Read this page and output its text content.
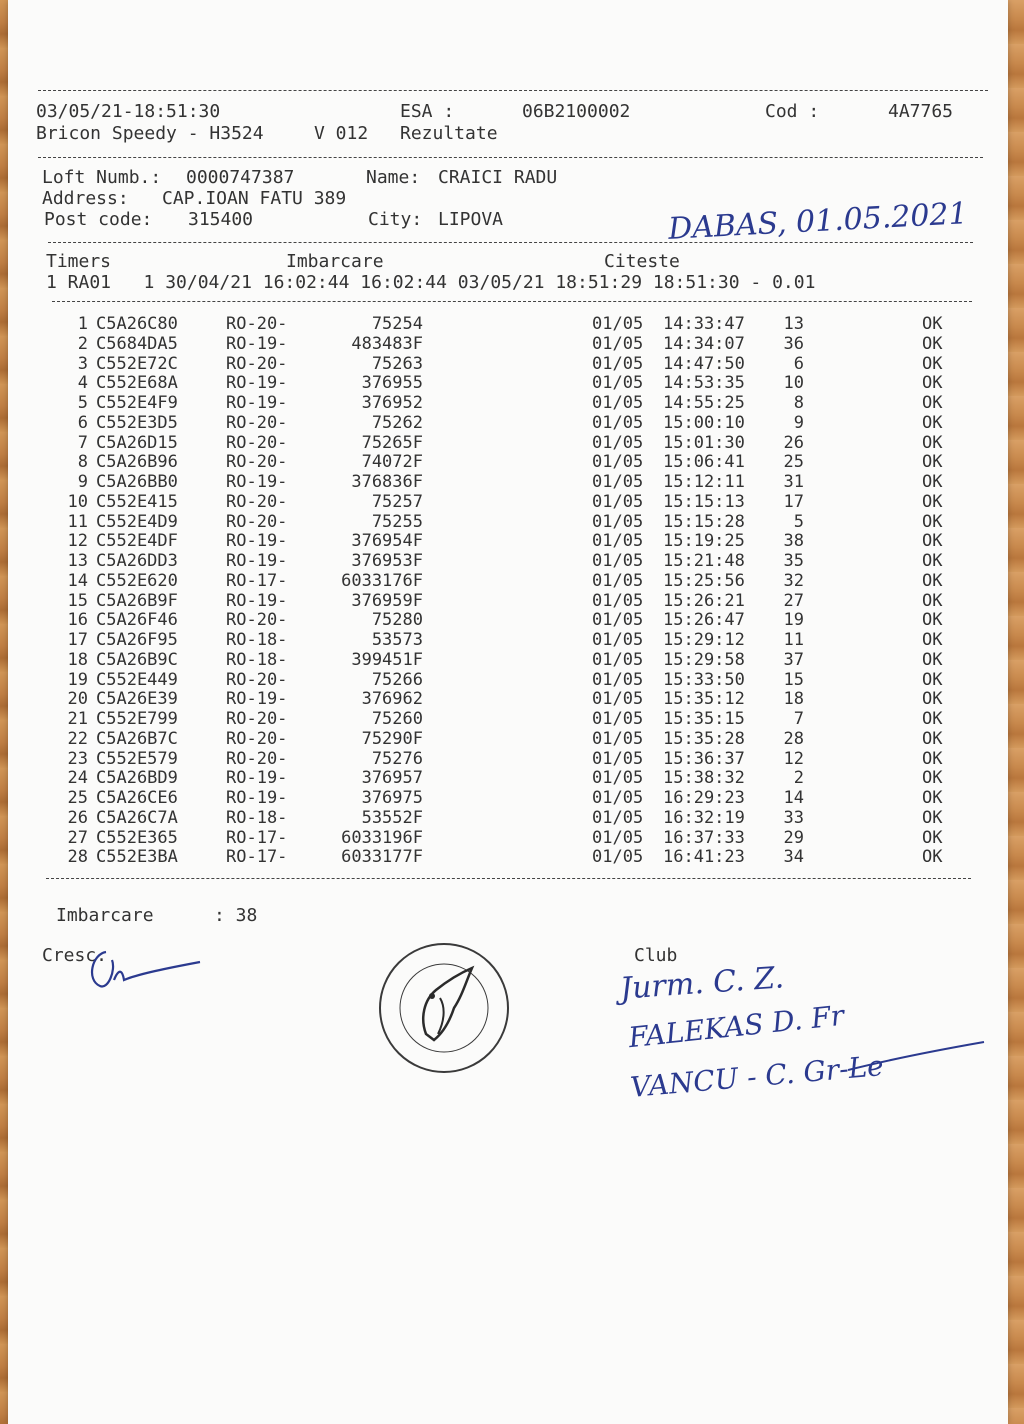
03/05/21-18:51:30	ESA :	06B2100002	Cod :	4A7765
Bricon Speedy - H3524	V 012 Rezultate
Loft Numb.: 0000747387	Name: CRAICI RADU
Address: CAP.IOAN FATU 389
Post code: 315400	City: LIPOVA	DABAS, 01.05.2021
Timers	Imbarcare	Citeste
1 RA01   1 30/04/21 16:02:44 16:02:44 03/05/21 18:51:29 18:51:30 - 0.01
1 C5A26C80	RO-20-	75254	01/05 14:33:47	13	OK
2 C5684DA5	RO-19-	483483F	01/05 14:34:07	36	OK
3 C552E72C	RO-20-	75263	01/05 14:47:50	6	OK
4 C552E68A	RO-19-	376955	01/05 14:53:35	10	OK
5 C552E4F9	RO-19-	376952	01/05 14:55:25	8	OK
6 C552E3D5	RO-20-	75262	01/05 15:00:10	9	OK
7 C5A26D15	RO-20-	75265F	01/05 15:01:30	26	OK
8 C5A26B96	RO-20-	74072F	01/05 15:06:41	25	OK
9 C5A26BB0	RO-19-	376836F	01/05 15:12:11	31	OK
10 C552E415	RO-20-	75257	01/05 15:15:13	17	OK
11 C552E4D9	RO-20-	75255	01/05 15:15:28	5	OK
12 C552E4DF	RO-19-	376954F	01/05 15:19:25	38	OK
13 C5A26DD3	RO-19-	376953F	01/05 15:21:48	35	OK
14 C552E620	RO-17-	6033176F	01/05 15:25:56	32	OK
15 C5A26B9F	RO-19-	376959F	01/05 15:26:21	27	OK
16 C5A26F46	RO-20-	75280	01/05 15:26:47	19	OK
17 C5A26F95	RO-18-	53573	01/05 15:29:12	11	OK
18 C5A26B9C	RO-18-	399451F	01/05 15:29:58	37	OK
19 C552E449	RO-20-	75266	01/05 15:33:50	15	OK
20 C5A26E39	RO-19-	376962	01/05 15:35:12	18	OK
21 C552E799	RO-20-	75260	01/05 15:35:15	7	OK
22 C5A26B7C	RO-20-	75290F	01/05 15:35:28	28	OK
23 C552E579	RO-20-	75276	01/05 15:36:37	12	OK
24 C5A26BD9	RO-19-	376957	01/05 15:38:32	2	OK
25 C5A26CE6	RO-19-	376975	01/05 16:29:23	14	OK
26 C5A26C7A	RO-18-	53552F	01/05 16:32:19	33	OK
27 C552E365	RO-17-	6033196F	01/05 16:37:33	29	OK
28 C552E3BA	RO-17-	6033177F	01/05 16:41:23	34	OK
Imbarcare	: 38
Cresc.	Club
Jurm. C. Z.
FALEKAS D. Fr
VANCU - C. Gr-Le
